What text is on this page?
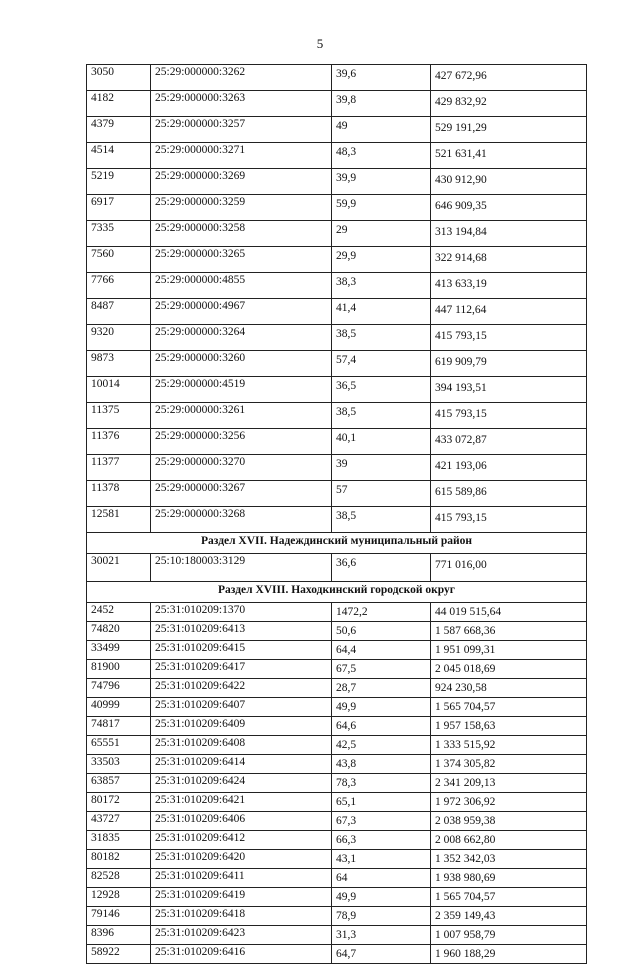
5
3050	25:29:000000:3262	39,6	427 672,96
4182	25:29:000000:3263	39,8	429 832,92
4379	25:29:000000:3257	49	529 191,29
4514	25:29:000000:3271	48,3	521 631,41
5219	25:29:000000:3269	39,9	430 912,90
6917	25:29:000000:3259	59,9	646 909,35
7335	25:29:000000:3258	29	313 194,84
7560	25:29:000000:3265	29,9	322 914,68
7766	25:29:000000:4855	38,3	413 633,19
8487	25:29:000000:4967	41,4	447 112,64
9320	25:29:000000:3264	38,5	415 793,15
9873	25:29:000000:3260	57,4	619 909,79
10014	25:29:000000:4519	36,5	394 193,51
11375	25:29:000000:3261	38,5	415 793,15
11376	25:29:000000:3256	40,1	433 072,87
11377	25:29:000000:3270	39	421 193,06
11378	25:29:000000:3267	57	615 589,86
12581	25:29:000000:3268	38,5	415 793,15
Раздел XVII. Надеждинский муниципальный район			
30021	25:10:180003:3129	36,6	771 016,00
Раздел XVIII. Находкинский городской округ			
2452	25:31:010209:1370	1472,2	44 019 515,64
74820	25:31:010209:6413	50,6	1 587 668,36
33499	25:31:010209:6415	64,4	1 951 099,31
81900	25:31:010209:6417	67,5	2 045 018,69
74796	25:31:010209:6422	28,7	924 230,58
40999	25:31:010209:6407	49,9	1 565 704,57
74817	25:31:010209:6409	64,6	1 957 158,63
65551	25:31:010209:6408	42,5	1 333 515,92
33503	25:31:010209:6414	43,8	1 374 305,82
63857	25:31:010209:6424	78,3	2 341 209,13
80172	25:31:010209:6421	65,1	1 972 306,92
43727	25:31:010209:6406	67,3	2 038 959,38
31835	25:31:010209:6412	66,3	2 008 662,80
80182	25:31:010209:6420	43,1	1 352 342,03
82528	25:31:010209:6411	64	1 938 980,69
12928	25:31:010209:6419	49,9	1 565 704,57
79146	25:31:010209:6418	78,9	2 359 149,43
8396	25:31:010209:6423	31,3	1 007 958,79
58922	25:31:010209:6416	64,7	1 960 188,29
